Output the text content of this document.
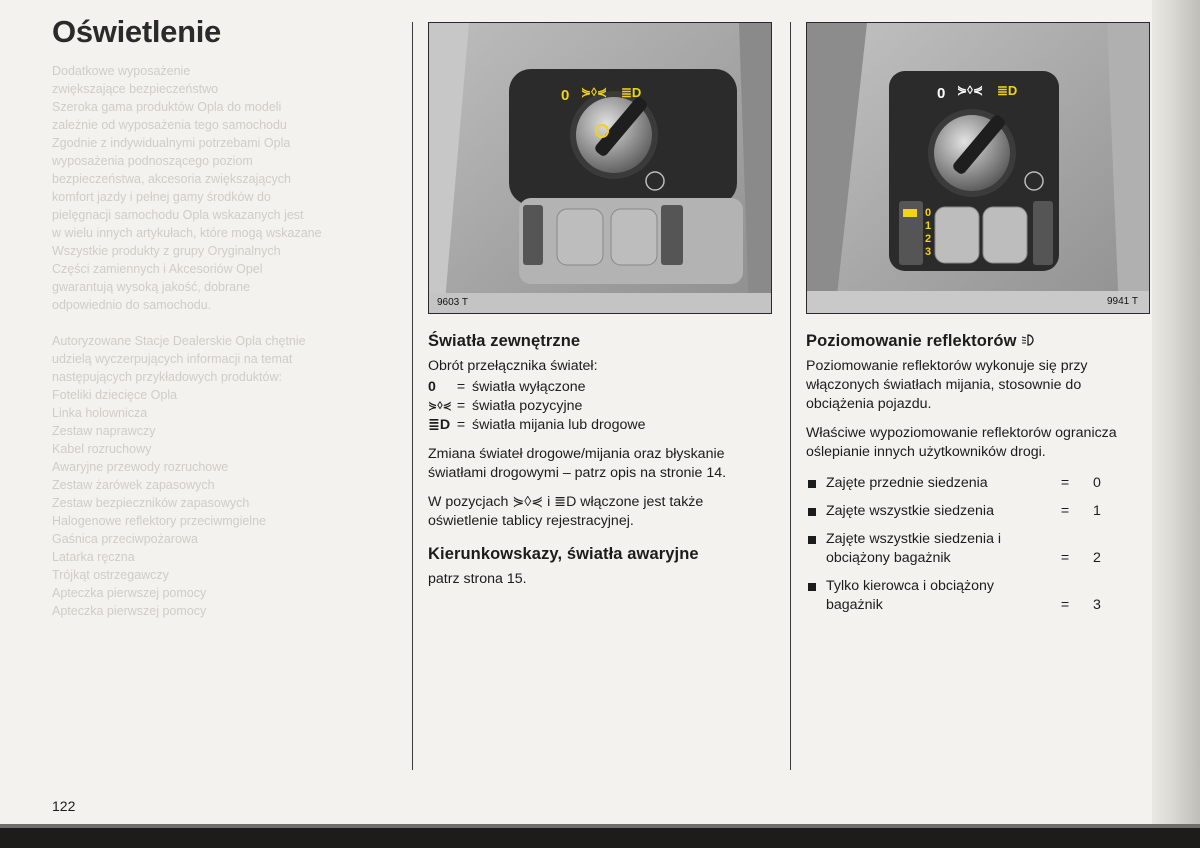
Oświetlenie
Dodatkowe wyposażenie
zwiększające bezpieczeństwo
Szeroka gama produktów Opla do modeli
zależnie od wyposażenia tego samochodu
Zgodnie z indywidualnymi potrzebami Opla
wyposażenia podnoszącego poziom
bezpieczeństwa, akcesoria zwiększających
komfort jazdy i pełnej gamy środków do
pielęgnacji samochodu Opla wskazanych jest
w wielu innych artykułach, które mogą wskazane
Wszystkie produkty z grupy Oryginalnych
Części zamiennych i Akcesoriów Opel
gwarantują wysoką jakość, dobrane
odpowiednio do samochodu.
Autoryzowane Stacje Dealerskie Opla chętnie
udzielą wyczerpujących informacji na temat
następujących przykładowych produktów:
Foteliki dziecięce Opla
Linka holownicza
Zestaw naprawczy
Kabel rozruchowy
Awaryjne przewody rozruchowe
Zestaw żarówek zapasowych
Zestaw bezpieczników zapasowych
Halogenowe reflektory przeciwmgielne
Gaśnica przeciwpożarowa
Latarka ręczna
Trójkąt ostrzegawczy
Apteczka pierwszej pomocy
Apteczka pierwszej pomocy
0 ⋟◊⋞ ≣D
9603 T
0 ⋟◊⋞ ≣D
0
1
2
3
9941 T
Światła zewnętrzne
Obrót przełącznika świateł:
0	= światła wyłączone
⋟◊⋞ = światła pozycyjne
≣D = światła mijania lub drogowe

Zmiana świateł drogowe/mijania oraz błyskanie światłami drogowymi – patrz opis na stronie 14.

W pozycjach ⋟◊⋞ i ≣D włączone jest także oświetlenie tablicy rejestracyjnej.

Kierunkowskazy, światła awaryjne

patrz strona 15.

Poziomowanie reflektorów

Poziomowanie reflektorów wykonuje się przy włączonych światłach mijania, stosownie do obciążenia pojazdu.

Właściwe wypoziomowanie reflektorów ogranicza oślepianie innych użytkowników drogi.

Zajęte przednie siedzenia	= 0
Zajęte wszystkie siedzenia	= 1
Zajęte wszystkie siedzenia i obciążony bagażnik	= 2
Tylko kierowca i obciążony bagażnik	= 3
122
